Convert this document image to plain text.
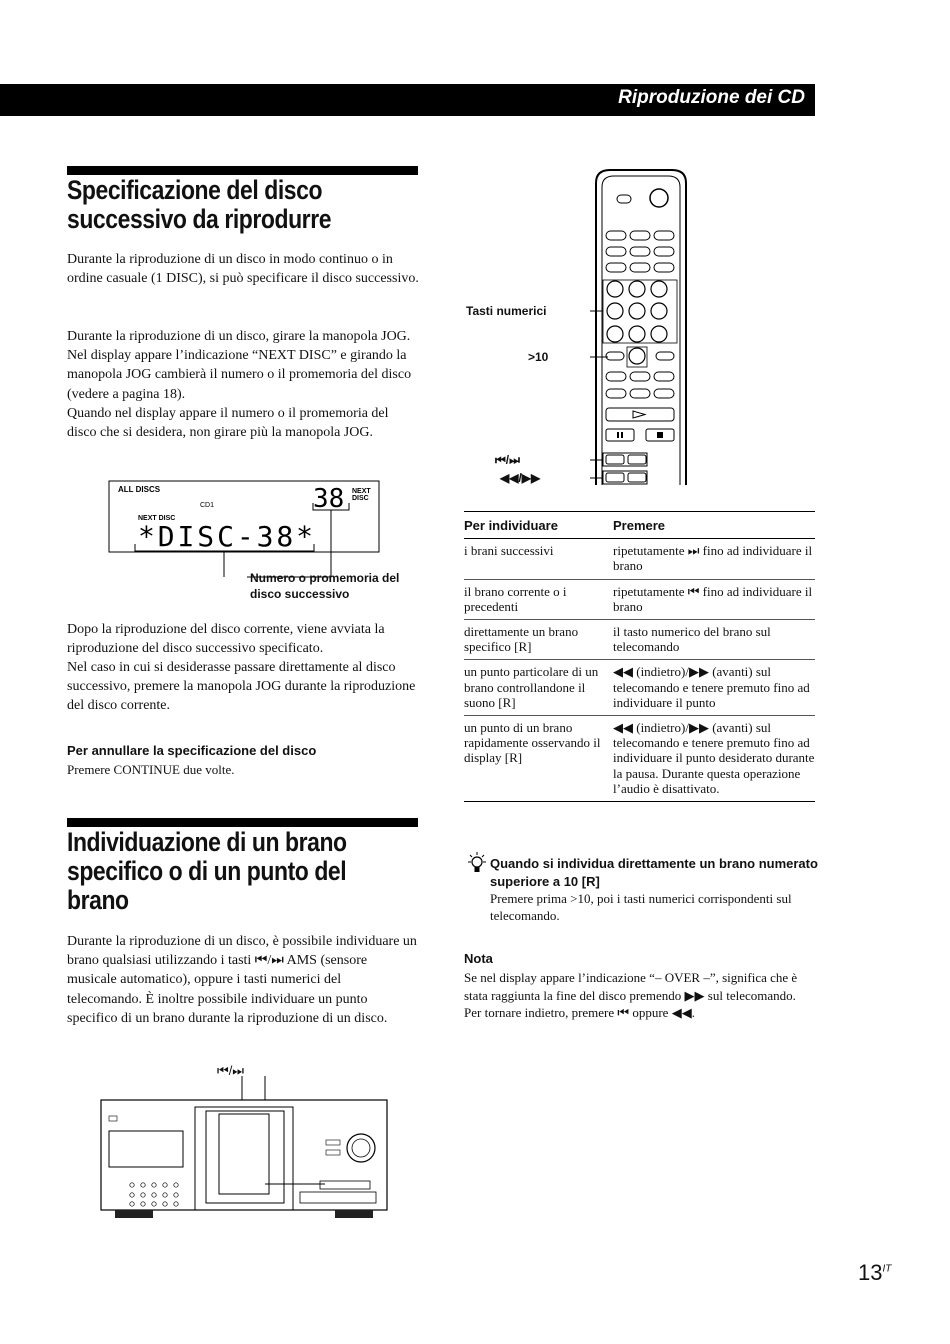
Riproduzione dei CD
Specificazione del disco
successivo da riprodurre

Durante la riproduzione di un disco in modo continuo o in ordine casuale (1 DISC), si può specificare il disco successivo.

Durante la riproduzione di un disco, girare la manopola JOG. Nel display appare l’indicazione “NEXT DISC” e girando la manopola JOG cambierà il numero o il promemoria del disco (vedere a pagina 18).

Quando nel display appare il numero o il promemoria del disco che si desidera, non girare più la manopola JOG.

ALL DISCS
CD1
NEXT DISC
38 NEXT
DISC
*DISC-38*
Numero o promemoria del disco successivo

Dopo la riproduzione del disco corrente, viene avviata la riproduzione del disco successivo specificato.

Nel caso in cui si desiderasse passare direttamente al disco successivo, premere la manopola JOG durante la riproduzione del disco corrente.

Per annullare la specificazione del disco
Premere CONTINUE due volte.
Individuazione di un brano
specifico o di un punto del
brano

Durante la riproduzione di un disco, è possibile individuare un brano qualsiasi utilizzando i tasti ⏮/⏭ AMS (sensore musicale automatico), oppure i tasti numerici del telecomando. È inoltre possibile individuare un punto specifico di un brano durante la riproduzione di un disco.

⏮/⏭
Tasti numerici
>10
⏮/⏭
◀◀/▶▶
Per individuare	Premere
i brani successivi	ripetutamente ⏭ fino ad individuare il brano
il brano corrente o i precedenti	ripetutamente ⏮ fino ad individuare il brano
direttamente un brano specifico [R]	il tasto numerico del brano sul telecomando
un punto particolare di un brano controllandone il suono [R]	◀◀ (indietro)/▶▶ (avanti) sul telecomando e tenere premuto fino ad individuare il punto
un punto di un brano rapidamente osservando il display [R]	◀◀ (indietro)/▶▶ (avanti) sul telecomando e tenere premuto fino ad individuare il punto desiderato durante la pausa. Durante questa operazione l’audio è disattivato.
Quando si individua direttamente un brano numerato superiore a 10 [R]
Premere prima >10, poi i tasti numerici corrispondenti sul telecomando.
Nota
Se nel display appare l’indicazione “– OVER –”, significa che è stata raggiunta la fine del disco premendo ▶▶ sul telecomando. Per tornare indietro, premere ⏮ oppure ◀◀.
$13^{IT}$
